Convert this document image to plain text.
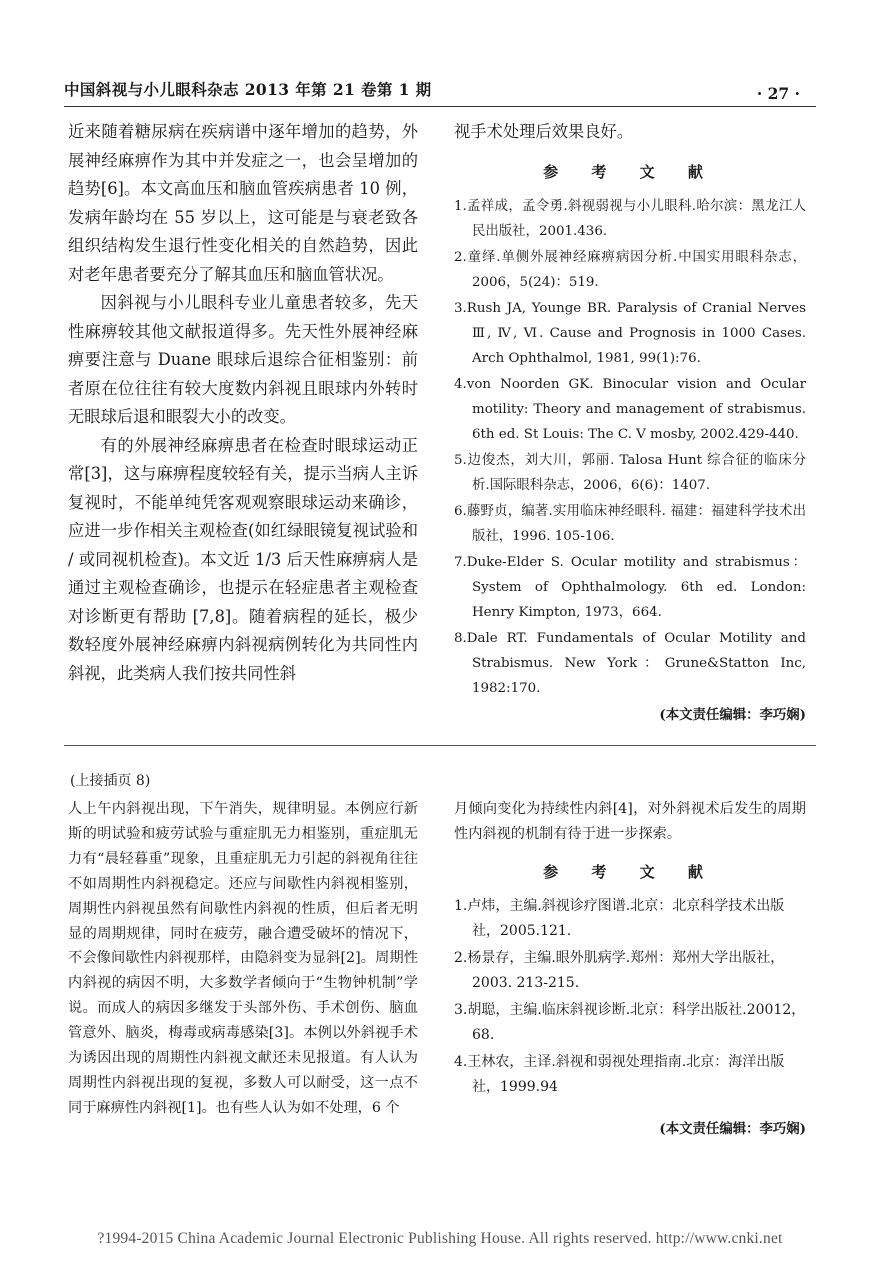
中国斜视与小儿眼科杂志 2013 年第 21 卷第 1 期	· 27 ·

近来随着糖尿病在疾病谱中逐年增加的趋势，外展神经麻痹作为其中并发症之一，也会呈增加的趋势[6]。本文高血压和脑血管疾病患者 10 例，发病年龄均在 55 岁以上，这可能是与衰老致各组织结构发生退行性变化相关的自然趋势，因此对老年患者要充分了解其血压和脑血管状况。

因斜视与小儿眼科专业儿童患者较多，先天性麻痹较其他文献报道得多。先天性外展神经麻痹要注意与 Duane 眼球后退综合征相鉴别：前者原在位往往有较大度数内斜视且眼球内外转时无眼球后退和眼裂大小的改变。

有的外展神经麻痹患者在检查时眼球运动正常[3]，这与麻痹程度较轻有关，提示当病人主诉复视时，不能单纯凭客观观察眼球运动来确诊，应进一步作相关主观检查(如红绿眼镜复视试验和 / 或同视机检查)。本文近 1/3 后天性麻痹病人是通过主观检查确诊，也提示在轻症患者主观检查对诊断更有帮助 [7,8]。随着病程的延长，极少数轻度外展神经麻痹内斜视病例转化为共同性内斜视，此类病人我们按共同性斜

视手术处理后效果良好。

参 考 文 献
1.孟祥成，孟令勇.斜视弱视与小儿眼科.哈尔滨：黑龙江人民出版社，2001.436.
2.童绎.单侧外展神经麻痹病因分析.中国实用眼科杂志，2006，5(24)：519.
3.Rush JA, Younge BR. Paralysis of Cranial Nerves Ⅲ, Ⅳ, Ⅵ. Cause and Prognosis in 1000 Cases. Arch Ophthalmol, 1981, 99(1):76.
4.von Noorden GK. Binocular vision and Ocular motility: Theory and management of strabismus. 6th ed. St Louis: The C. V mosby, 2002.429-440.
5.边俊杰，刘大川，郭丽. Talosa Hunt 综合征的临床分析.国际眼科杂志，2006，6(6)：1407.
6.藤野贞，编著.实用临床神经眼科. 福建：福建科学技术出版社，1996. 105-106.
7.Duke-Elder S. Ocular motility and strabismus：System of Ophthalmology. 6th ed. London: Henry Kimpton, 1973，664.
8.Dale RT. Fundamentals of Ocular Motility and Strabismus. New York：Grune&Statton Inc, 1982:170.
(本文责任编辑：李巧娴)
(上接插页 8)

人上午内斜视出现，下午消失，规律明显。本例应行新斯的明试验和疲劳试验与重症肌无力相鉴别，重症肌无力有“晨轻暮重”现象，且重症肌无力引起的斜视角往往不如周期性内斜视稳定。还应与间歇性内斜视相鉴别，周期性内斜视虽然有间歇性内斜视的性质，但后者无明显的周期规律，同时在疲劳，融合遭受破坏的情况下，不会像间歇性内斜视那样，由隐斜变为显斜[2]。周期性内斜视的病因不明，大多数学者倾向于“生物钟机制”学说。而成人的病因多继发于头部外伤、手术创伤、脑血管意外、脑炎，梅毒或病毒感染[3]。本例以外斜视手术为诱因出现的周期性内斜视文献还未见报道。有人认为周期性内斜视出现的复视，多数人可以耐受，这一点不同于麻痹性内斜视[1]。也有些人认为如不处理，6 个

月倾向变化为持续性内斜[4]，对外斜视术后发生的周期性内斜视的机制有待于进一步探索。

参 考 文 献
1.卢炜，主编.斜视诊疗图谱.北京：北京科学技术出版社，2005.121.
2.杨景存，主编.眼外肌病学.郑州：郑州大学出版社，2003. 213-215.
3.胡聪，主编.临床斜视诊断.北京：科学出版社.20012，68.
4.王林农，主译.斜视和弱视处理指南.北京：海洋出版社，1999.94
(本文责任编辑：李巧娴)
?1994-2015 China Academic Journal Electronic Publishing House. All rights reserved. http://www.cnki.net
